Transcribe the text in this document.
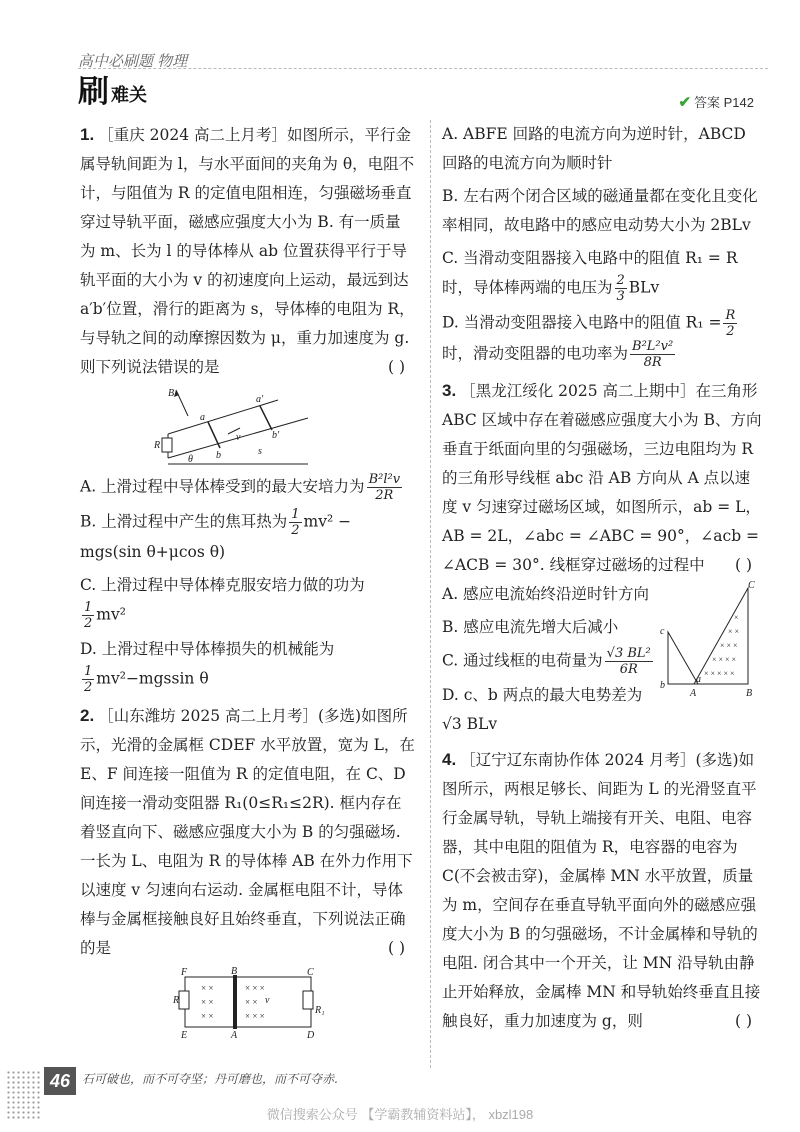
高中必刷题 物理
刷 难关	✔ 答案 P142

1. ［重庆 2024 高二上月考］如图所示，平行金属导轨间距为 l，与水平面间的夹角为 θ，电阻不计，与阻值为 R 的定值电阻相连，匀强磁场垂直穿过导轨平面，磁感应强度大小为 B. 有一质量为 m、长为 l 的导体棒从 ab 位置获得平行于导轨平面的大小为 v 的初速度向上运动，最远到达 a′b′位置，滑行的距离为 s，导体棒的电阻为 R，与导轨之间的动摩擦因数为 μ，重力加速度为 g. 则下列说法错误的是	( )

B
a
a′
b
b′
v
R
θ
s

A. 上滑过程中导体棒受到的最大安培力为 $\frac{\text{B²l²v}}{2R}$

B. 上滑过程中产生的焦耳热为 $\frac{1}{2} mv^2$ −
mgs(sin θ+μcos θ)

C. 上滑过程中导体棒克服安培力做的功为

$\frac{1}{2} mv^2$

D. 上滑过程中导体棒损失的机械能为

$\frac{1}{2} mv^2-mgssin$ θ

2. ［山东潍坊 2025 高二上月考］(多选)如图所示，光滑的金属框 CDEF 水平放置，宽为 L，在 E、F 间连接一阻值为 R 的定值电阻，在 C、D 间连接一滑动变阻器 R₁(0≤R₁≤2R). 框内存在着竖直向下、磁感应强度大小为 B 的匀强磁场. 一长为 L、电阻为 R 的导体棒 AB 在外力作用下以速度 v 匀速向右运动. 金属框电阻不计，导体棒与金属框接触良好且始终垂直，下列说法正确的是	( )

× ×
× ×
× ×
× × ×
× ×
× × ×
F	B	C
E	A	D
R
R₁
v

A. ABFE 回路的电流方向为逆时针，ABCD 回路的电流方向为顺时针

B. 左右两个闭合区域的磁通量都在变化且变化率相同，故电路中的感应电动势大小为 2BLv

C. 当滑动变阻器接入电路中的阻值 R₁ = R 时，导体棒两端的电压为 $\frac{2}{3}$ BLv

D. 当滑动变阻器接入电路中的阻值 $R_1 = \frac{R}{2}$

时，滑动变阻器的电功率为 $\frac{\text{B²L²v²}}{8R}$

3. ［黑龙江绥化 2025 高二上期中］在三角形 ABC 区域中存在着磁感应强度大小为 B、方向垂直于纸面向里的匀强磁场，三边电阻均为 R 的三角形导线框 abc 沿 AB 方向从 A 点以速度 v 匀速穿过磁场区域，如图所示，ab = L，AB = 2L，∠abc = ∠ABC = 90°，∠acb = ∠ACB = 30°. 线框穿过磁场的过程中 ( )

×
× ×
× × ×
× × × ×
× × × × ×
C
c
b
a
A	B

A. 感应电流始终沿逆时针方向

B. 感应电流先增大后减小

C. 通过线框的电荷量为 $\frac{\text{√3 BL²}}{6R}$

D. c、b 两点的最大电势差为
√3 BLv

4. ［辽宁辽东南协作体 2024 月考］(多选)如图所示，两根足够长、间距为 L 的光滑竖直平行金属导轨，导轨上端接有开关、电阻、电容器，其中电阻的阻值为 R，电容器的电容为 C(不会被击穿)，金属棒 MN 水平放置，质量为 m，空间存在垂直导轨平面向外的磁感应强度大小为 B 的匀强磁场，不计金属棒和导轨的电阻. 闭合其中一个开关，让 MN 沿导轨由静止开始释放，金属棒 MN 和导轨始终垂直且接触良好，重力加速度为 g，则	( )

46 石可破也，而不可夺坚；丹可磨也，而不可夺赤.
微信搜索公众号 【学霸教辅资料站】， xbzl198
